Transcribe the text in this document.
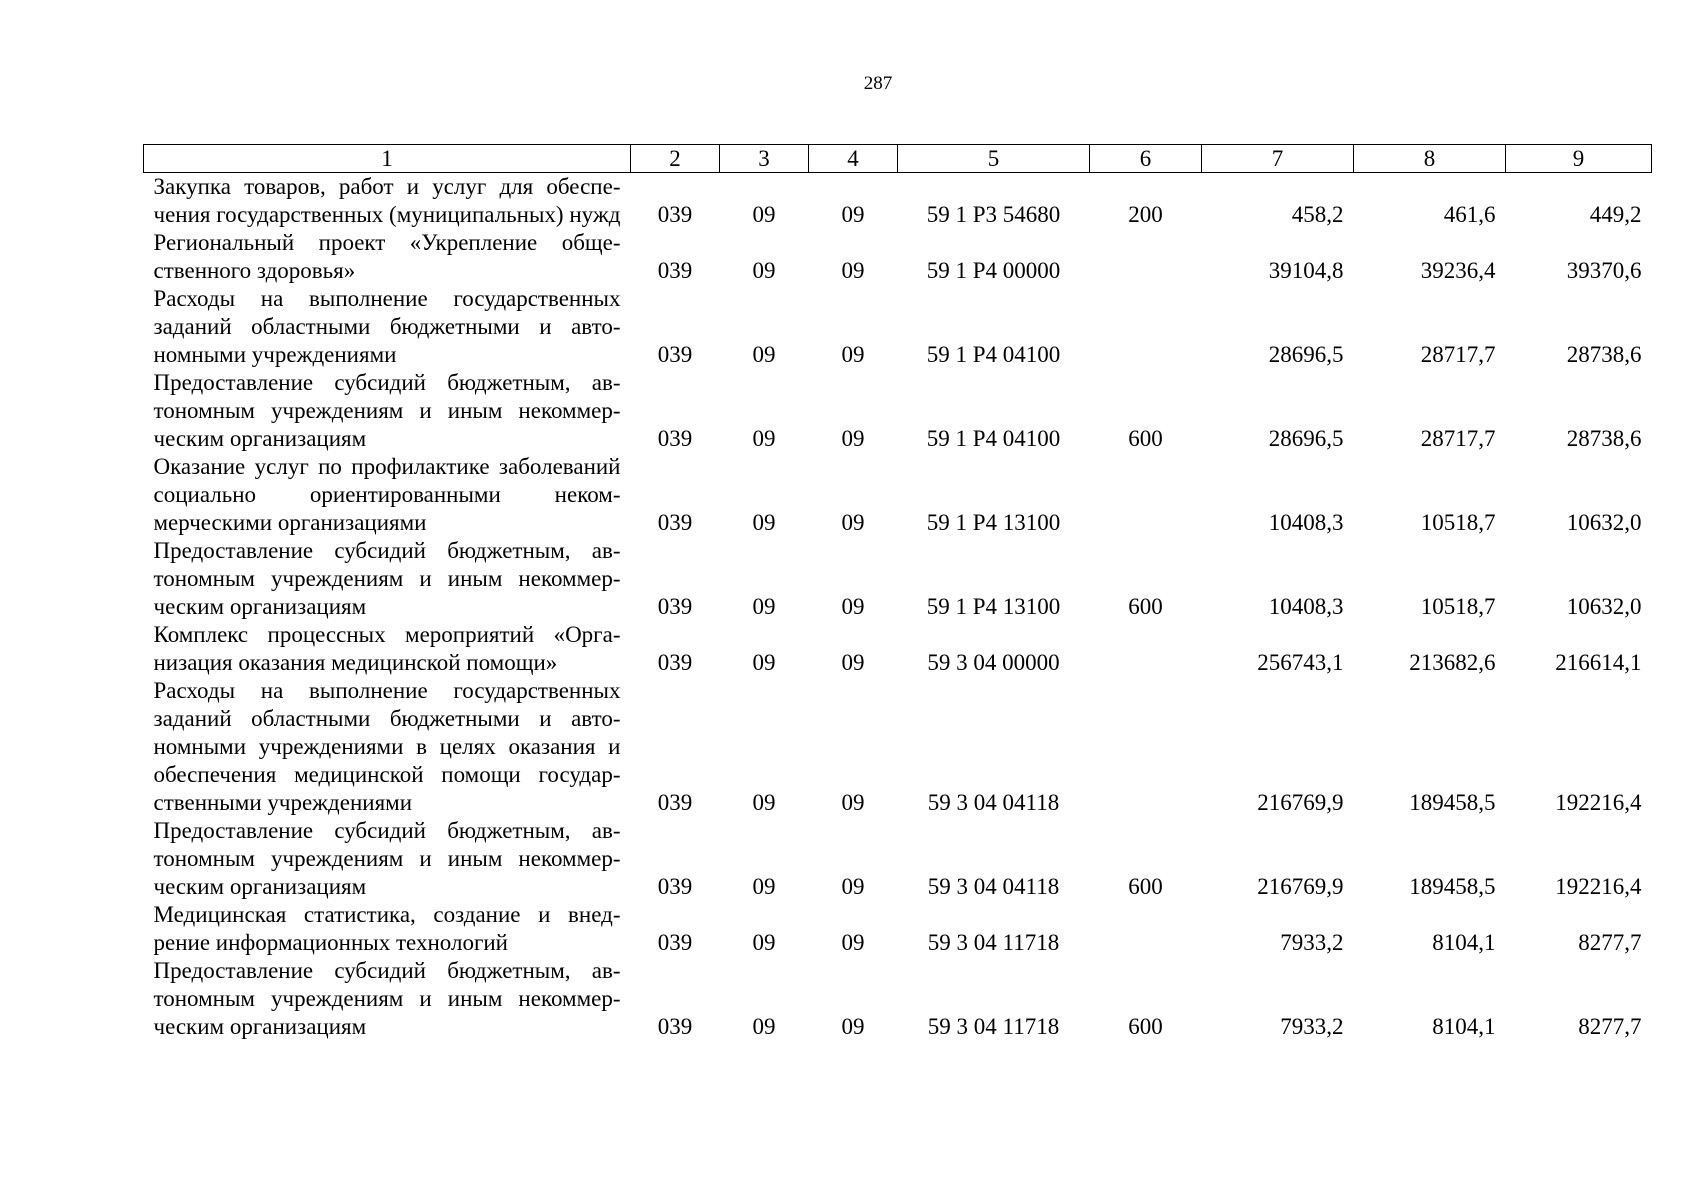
287
1	2	3	4	5	6	7	8	9
Закупка товаров, работ и услуг для обеспечения государственных (муниципальных) нужд	039	09	09	59 1 Р3 54680	200	458,2	461,6	449,2
Региональный проект «Укрепление общественного здоровья»	039	09	09	59 1 Р4 00000		39104,8	39236,4	39370,6
Расходы на выполнение государственных заданий областными бюджетными и автономными учреждениями	039	09	09	59 1 Р4 04100		28696,5	28717,7	28738,6
Предоставление субсидий бюджетным, автономным учреждениям и иным некоммерческим организациям	039	09	09	59 1 Р4 04100	600	28696,5	28717,7	28738,6
Оказание услуг по профилактике заболеваний социально ориентированными некоммерческими организациями	039	09	09	59 1 Р4 13100		10408,3	10518,7	10632,0
Предоставление субсидий бюджетным, автономным учреждениям и иным некоммерческим организациям	039	09	09	59 1 Р4 13100	600	10408,3	10518,7	10632,0
Комплекс процессных мероприятий «Организация оказания медицинской помощи»	039	09	09	59 3 04 00000		256743,1	213682,6	216614,1
Расходы на выполнение государственных заданий областными бюджетными и автономными учреждениями в целях оказания и обеспечения медицинской помощи государственными учреждениями	039	09	09	59 3 04 04118		216769,9	189458,5	192216,4
Предоставление субсидий бюджетным, автономным учреждениям и иным некоммерческим организациям	039	09	09	59 3 04 04118	600	216769,9	189458,5	192216,4
Медицинская статистика, создание и внедрение информационных технологий	039	09	09	59 3 04 11718		7933,2	8104,1	8277,7
Предоставление субсидий бюджетным, автономным учреждениям и иным некоммерческим организациям	039	09	09	59 3 04 11718	600	7933,2	8104,1	8277,7
